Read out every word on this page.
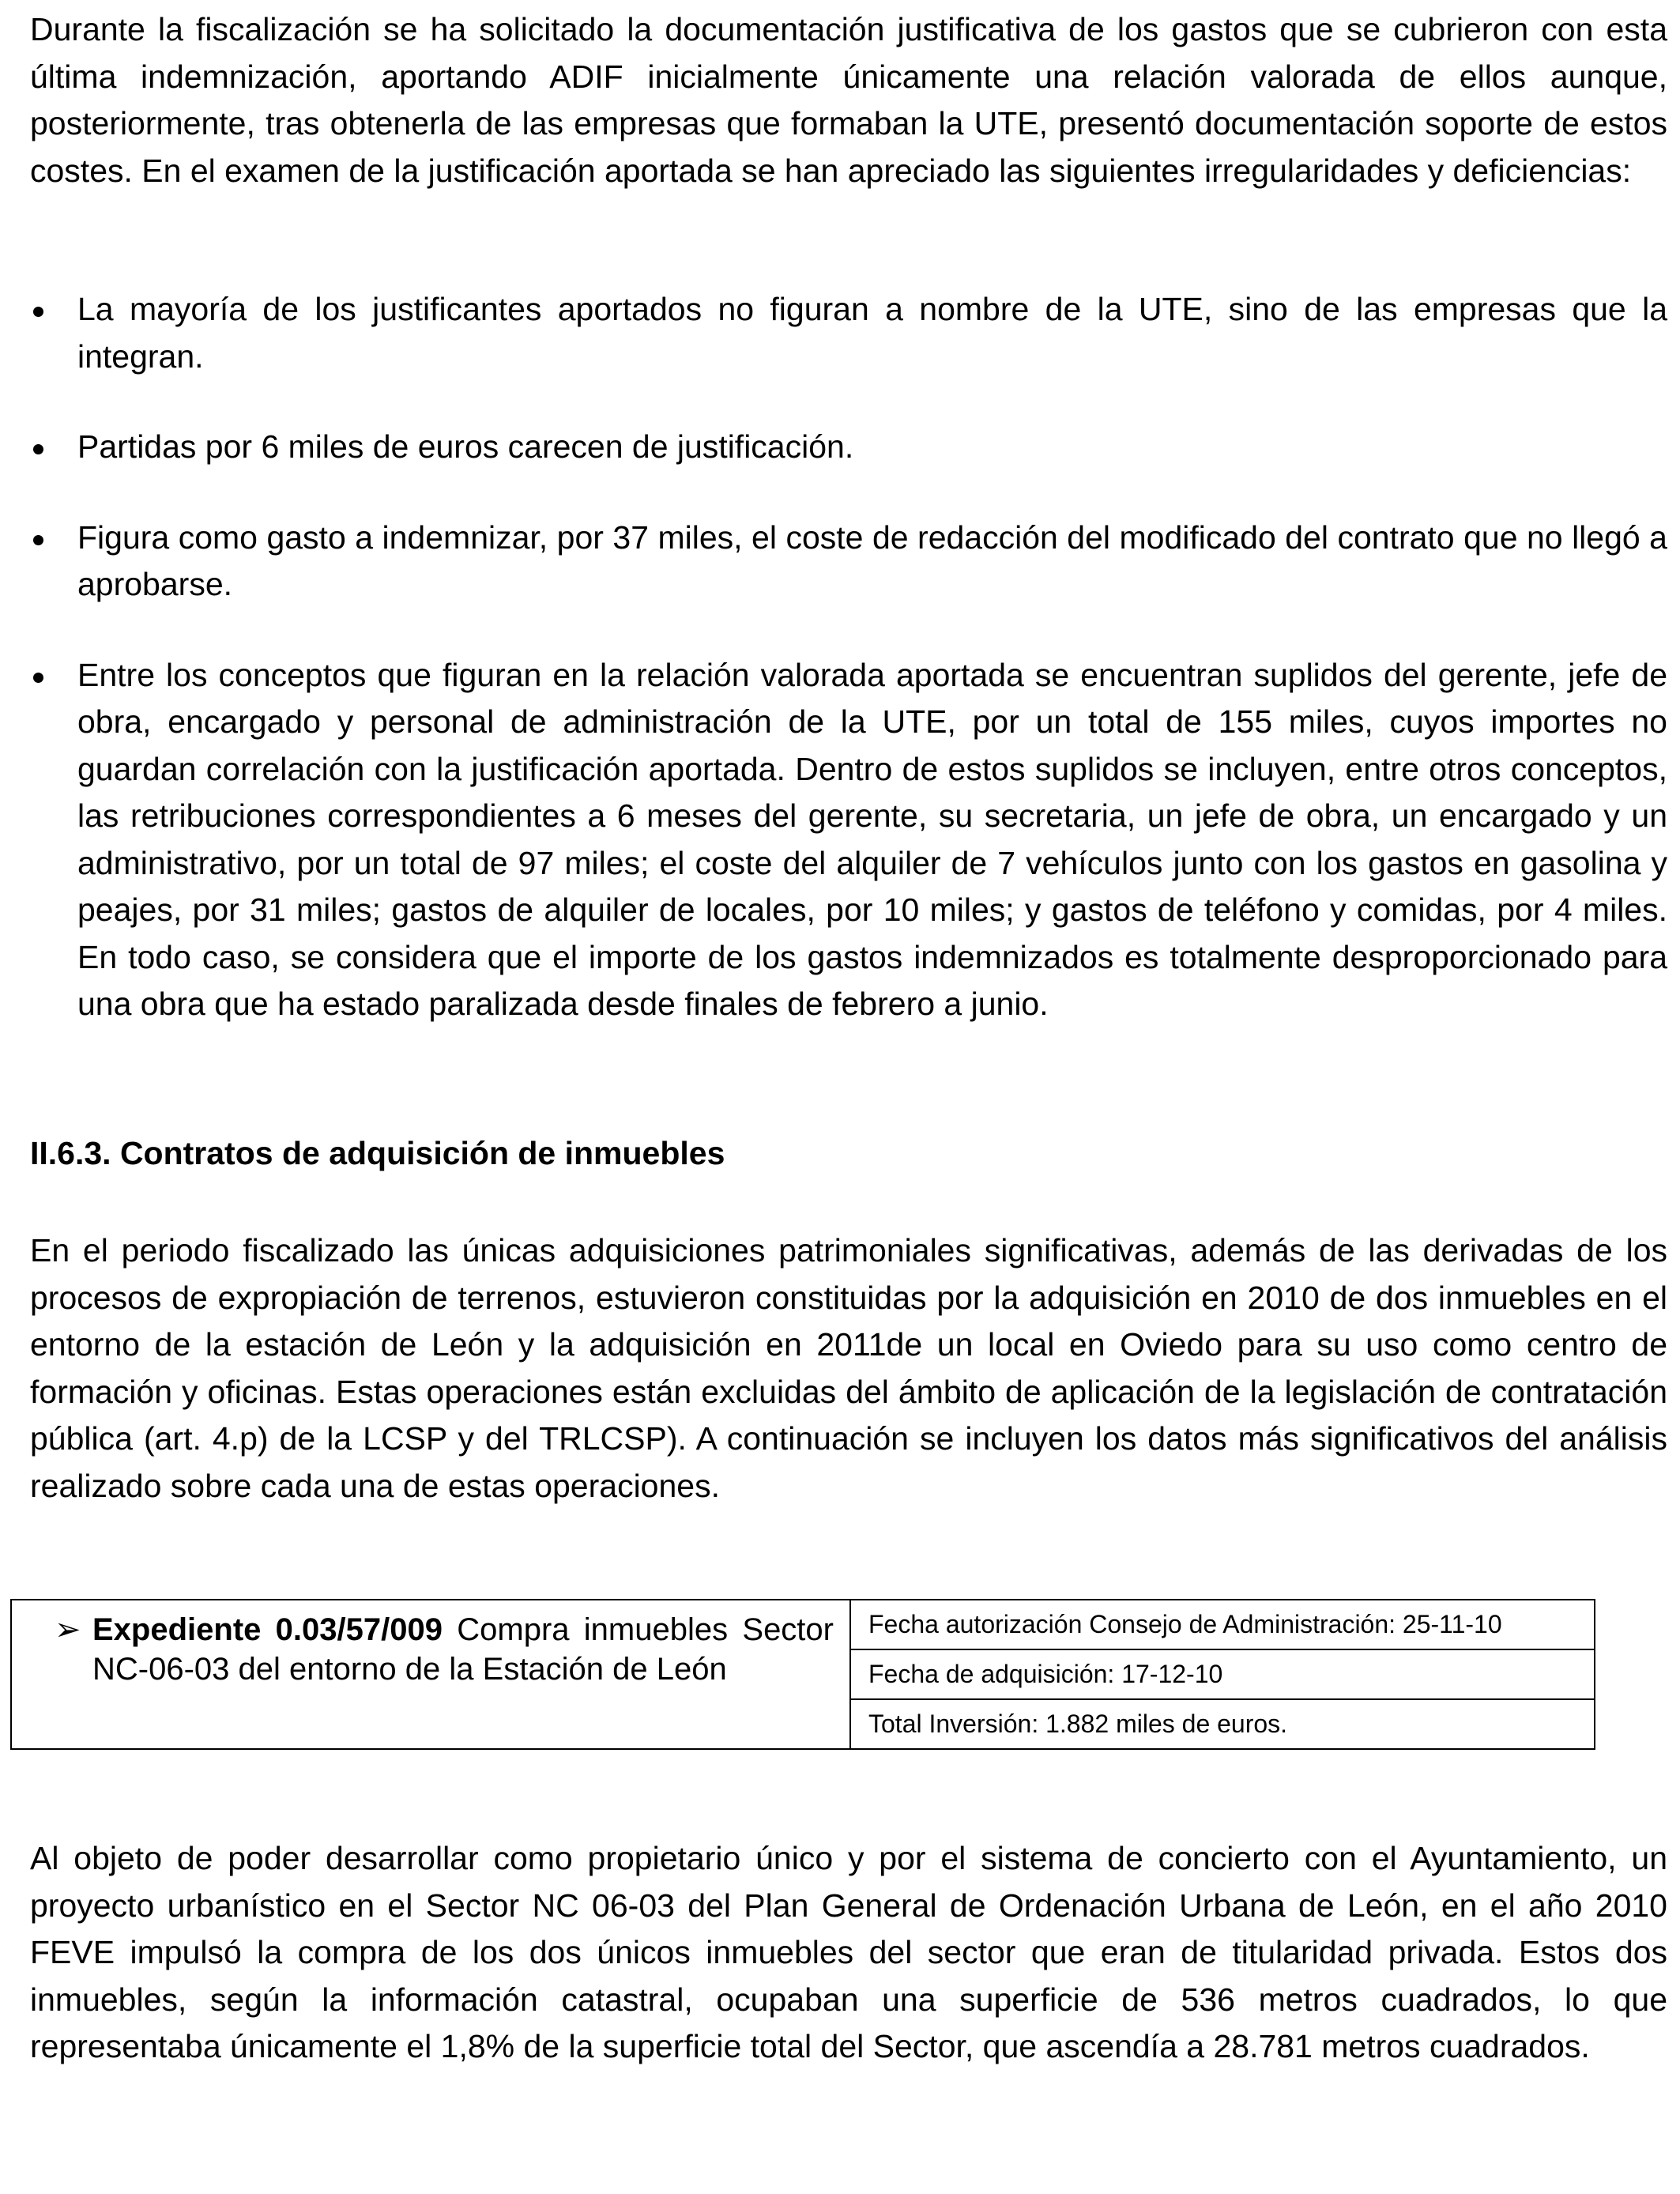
Durante la fiscalización se ha solicitado la documentación justificativa de los gastos que se cubrieron con esta última indemnización, aportando ADIF inicialmente únicamente una relación valorada de ellos aunque, posteriormente, tras obtenerla de las empresas que formaban la UTE, presentó documentación soporte de estos costes. En el examen de la justificación aportada se han apreciado las siguientes irregularidades y deficiencias:

La mayoría de los justificantes aportados no figuran a nombre de la UTE, sino de las empresas que la integran.
Partidas por 6 miles de euros carecen de justificación.
Figura como gasto a indemnizar, por 37 miles, el coste de redacción del modificado del contrato que no llegó a aprobarse.
Entre los conceptos que figuran en la relación valorada aportada se encuentran suplidos del gerente, jefe de obra, encargado y personal de administración de la UTE, por un total de 155 miles, cuyos importes no guardan correlación con la justificación aportada. Dentro de estos suplidos se incluyen, entre otros conceptos, las retribuciones correspondientes a 6 meses del gerente, su secretaria, un jefe de obra, un encargado y un administrativo, por un total de 97 miles; el coste del alquiler de 7 vehículos junto con los gastos en gasolina y peajes, por 31 miles; gastos de alquiler de locales, por 10 miles; y gastos de teléfono y comidas, por 4 miles. En todo caso, se considera que el importe de los gastos indemnizados es totalmente desproporcionado para una obra que ha estado paralizada desde finales de febrero a junio.
II.6.3. Contratos de adquisición de inmuebles

En el periodo fiscalizado las únicas adquisiciones patrimoniales significativas, además de las derivadas de los procesos de expropiación de terrenos, estuvieron constituidas por la adquisición en 2010 de dos inmuebles en el entorno de la estación de León y la adquisición en 2011de un local en Oviedo para su uso como centro de formación y oficinas. Estas operaciones están excluidas del ámbito de aplicación de la legislación de contratación pública (art. 4.p) de la LCSP y del TRLCSP). A continuación se incluyen los datos más significativos del análisis realizado sobre cada una de estas operaciones.

➢ Expediente 0.03/57/009 Compra inmuebles Sector NC-06-03 del entorno de la Estación de León

Fecha autorización Consejo de Administración: 25-11-10
Fecha de adquisición: 17-12-10
Total Inversión: 1.882 miles de euros.

Al objeto de poder desarrollar como propietario único y por el sistema de concierto con el Ayuntamiento, un proyecto urbanístico en el Sector NC 06-03 del Plan General de Ordenación Urbana de León, en el año 2010 FEVE impulsó la compra de los dos únicos inmuebles del sector que eran de titularidad privada. Estos dos inmuebles, según la información catastral, ocupaban una superficie de 536 metros cuadrados, lo que representaba únicamente el 1,8% de la superficie total del Sector, que ascendía a 28.781 metros cuadrados.
